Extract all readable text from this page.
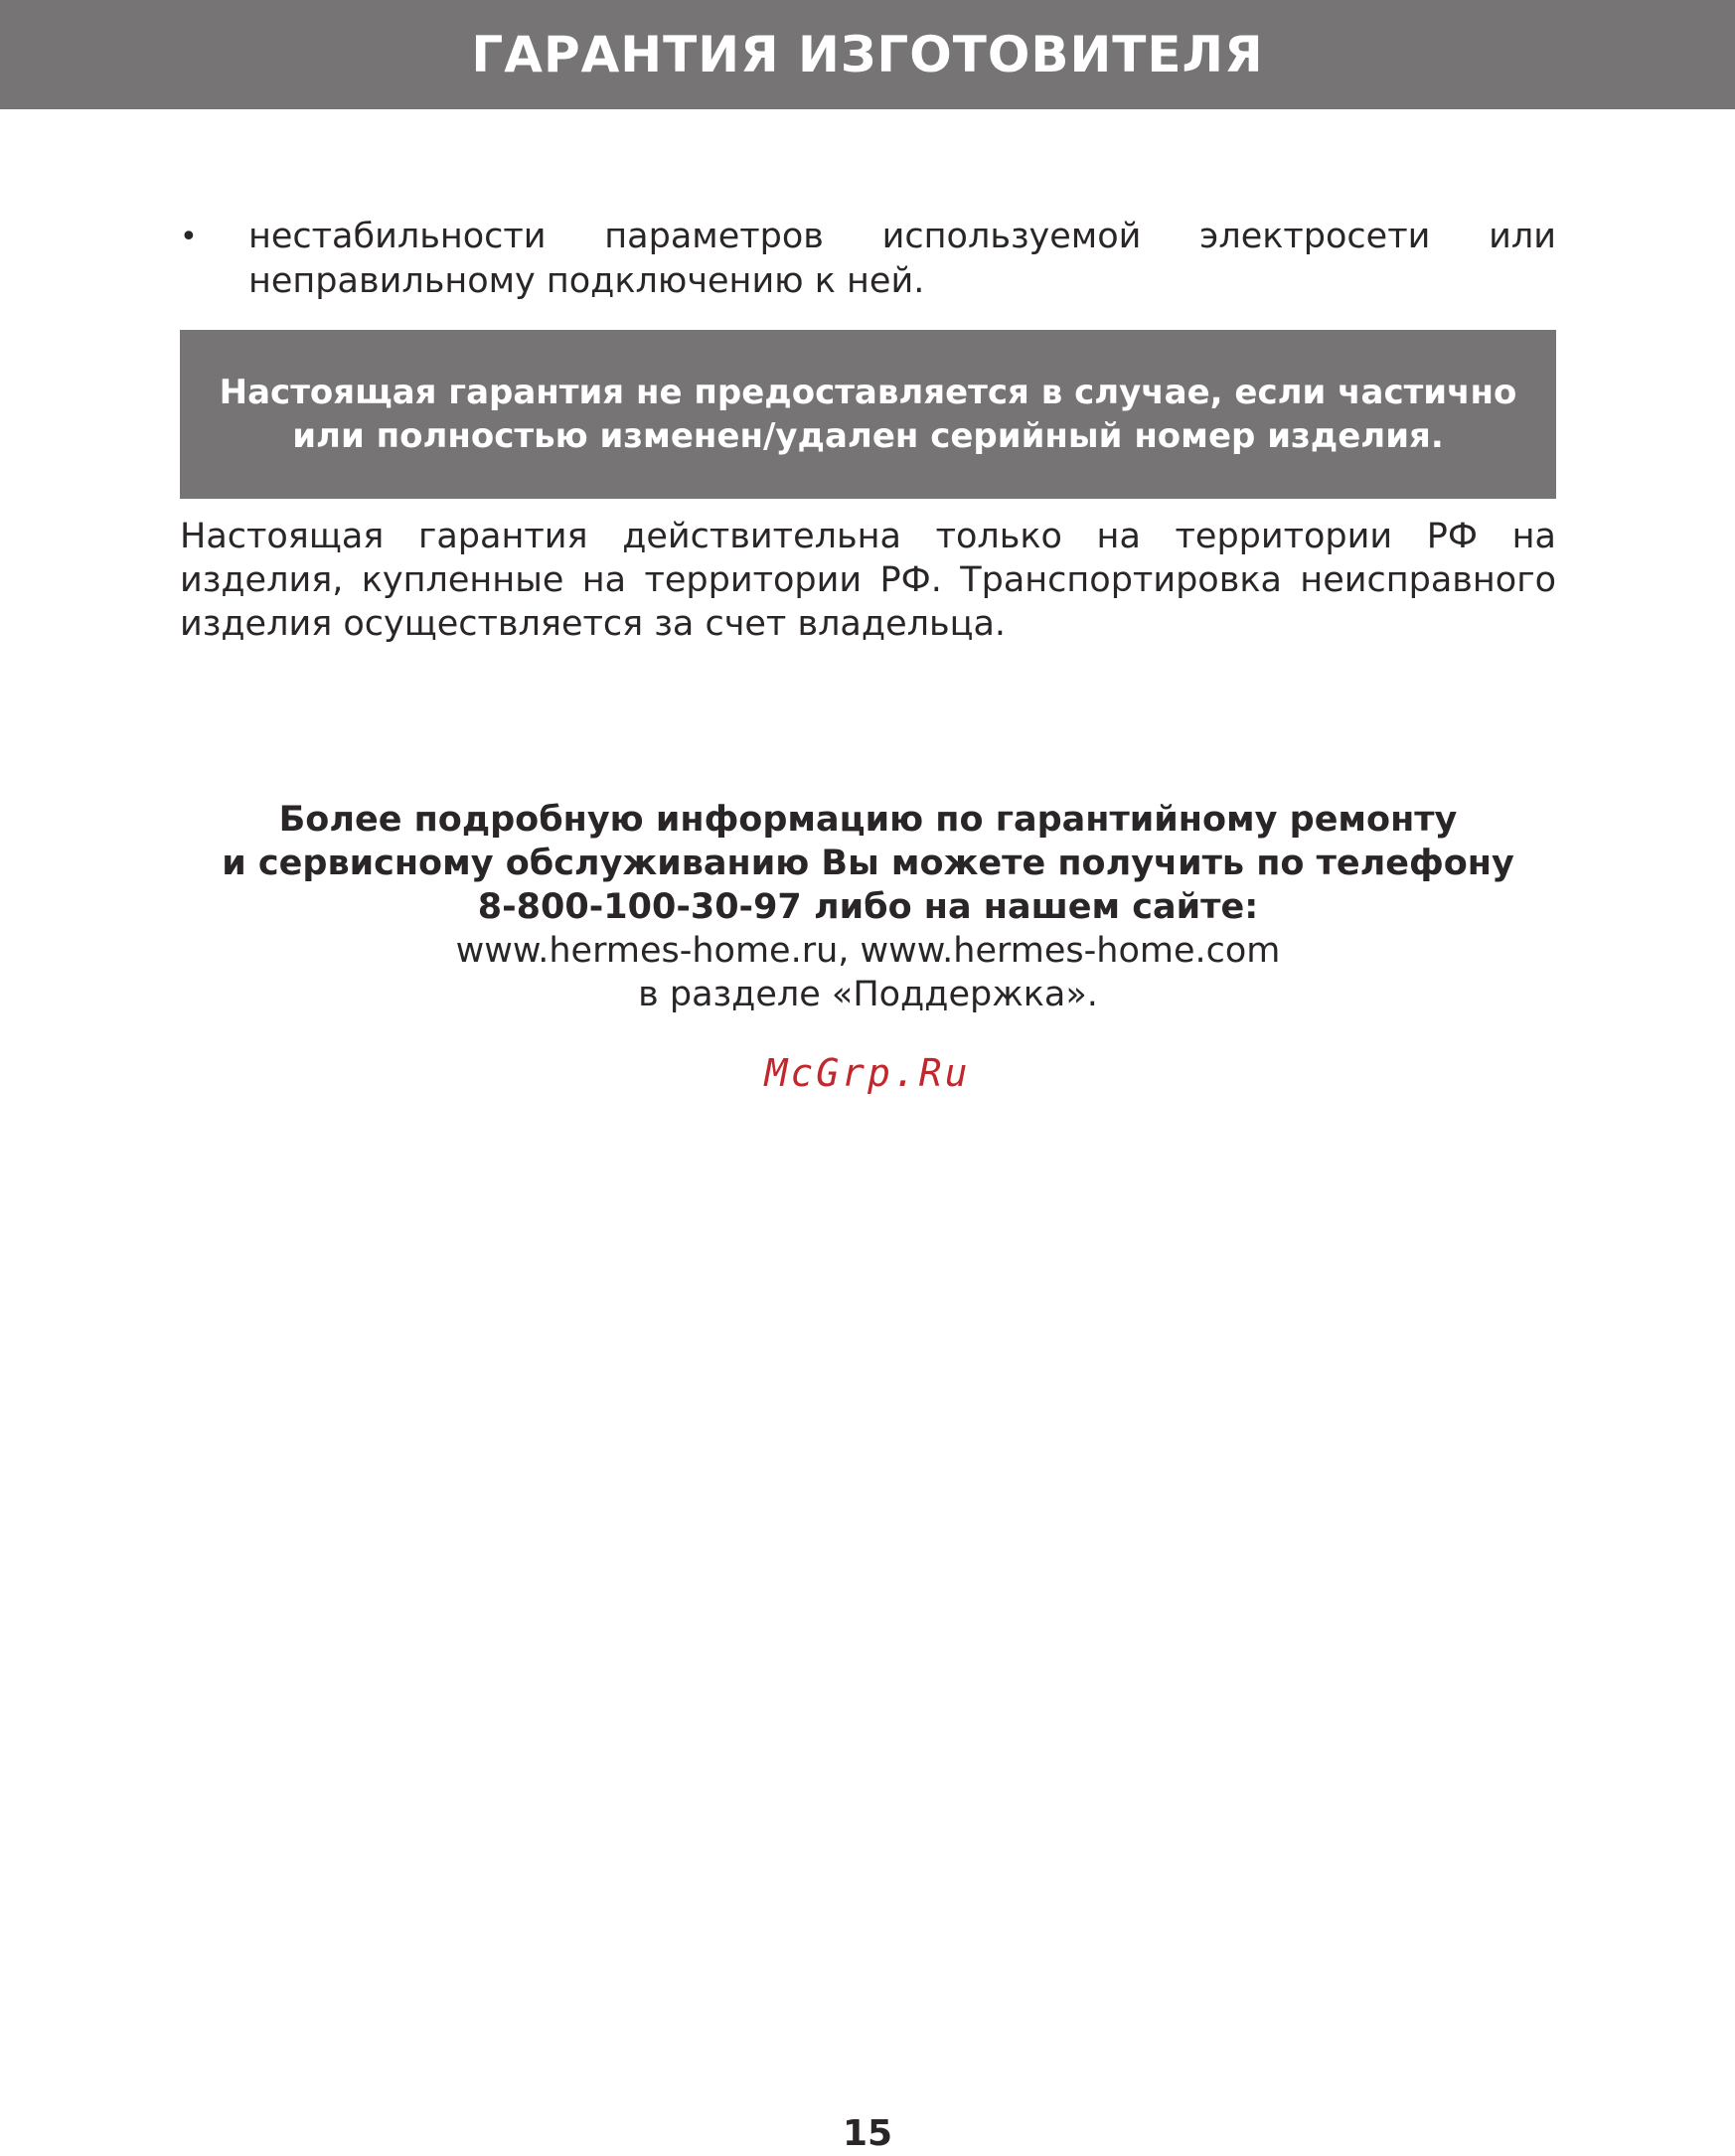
ГАРАНТИЯ ИЗГОТОВИТЕЛЯ
•	нестабильности параметров используемой электросети или неправильному подключению к ней.
Настоящая гарантия не предоставляется в случае, если частично
или полностью изменен/удален серийный номер изделия.
Настоящая гарантия действительна только на территории РФ на изделия, купленные на территории РФ. Транспортировка неисправного изделия осуществляется за счет владельца.
Более подробную информацию по гарантийному ремонту
и сервисному обслуживанию Вы можете получить по телефону
8-800-100-30-97 либо на нашем сайте:
www.hermes-home.ru, www.hermes-home.com
в разделе «Поддержка».
McGrp.Ru
15
